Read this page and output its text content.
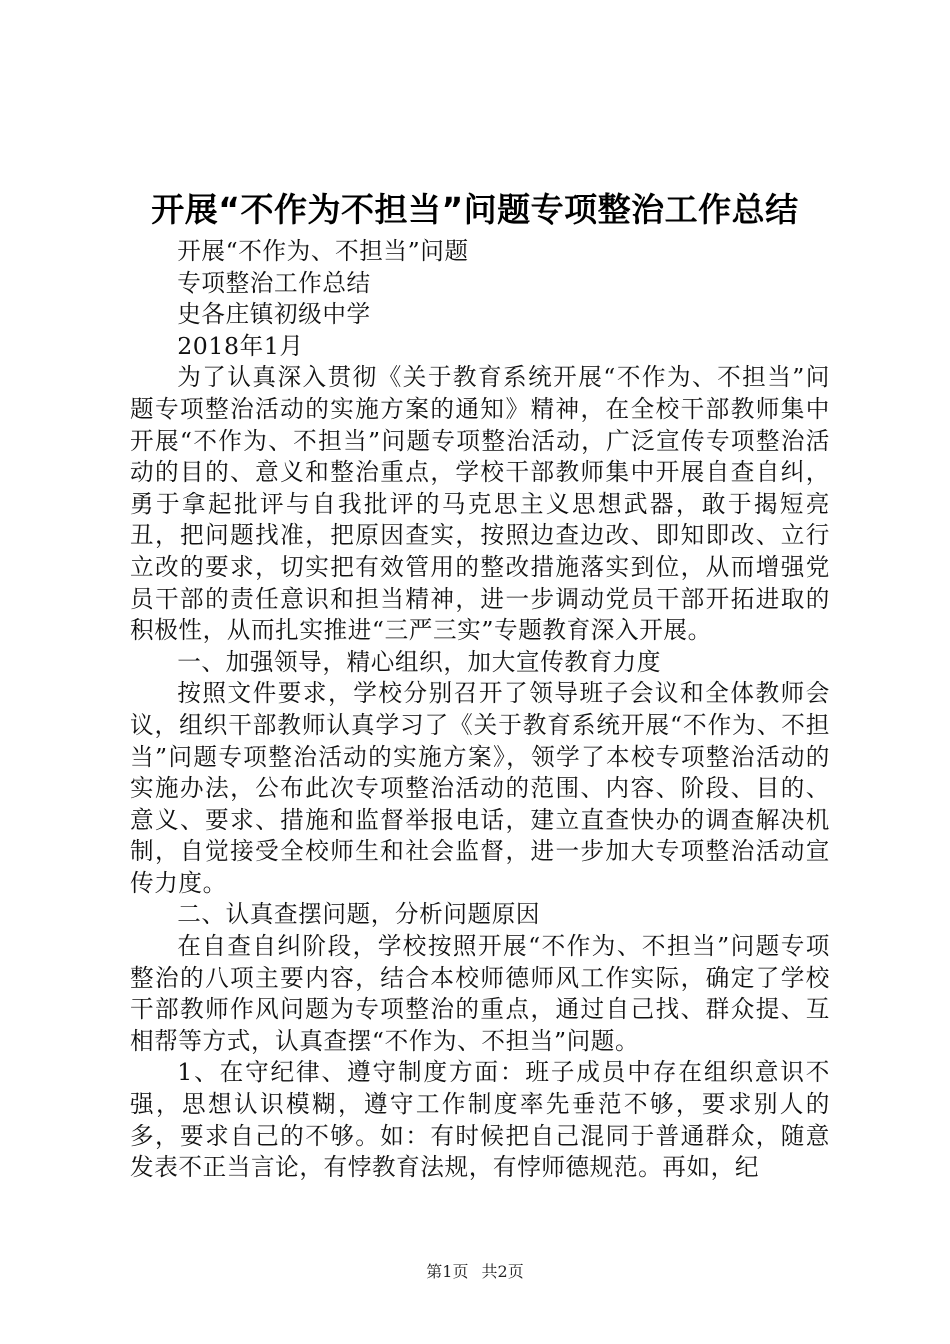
开展“不作为不担当”问题专项整治工作总结

开展“不作为、不担当”问题

专项整治工作总结

史各庄镇初级中学

2018年1月

为了认真深入贯彻《关于教育系统开展“不作为、不担当”问题专项整治活动的实施方案的通知》精神，在全校干部教师集中开展“不作为、不担当”问题专项整治活动，广泛宣传专项整治活动的目的、意义和整治重点，学校干部教师集中开展自查自纠，勇于拿起批评与自我批评的马克思主义思想武器，敢于揭短亮丑，把问题找准，把原因查实，按照边查边改、即知即改、立行立改的要求，切实把有效管用的整改措施落实到位，从而增强党员干部的责任意识和担当精神，进一步调动党员干部开拓进取的积极性，从而扎实推进“三严三实”专题教育深入开展。

一、加强领导，精心组织，加大宣传教育力度

按照文件要求，学校分别召开了领导班子会议和全体教师会议，组织干部教师认真学习了《关于教育系统开展“不作为、不担当”问题专项整治活动的实施方案》，领学了本校专项整治活动的实施办法，公布此次专项整治活动的范围、内容、阶段、目的、意义、要求、措施和监督举报电话，建立直查快办的调查解决机制，自觉接受全校师生和社会监督，进一步加大专项整治活动宣传力度。

二、认真查摆问题，分析问题原因

在自查自纠阶段，学校按照开展“不作为、不担当”问题专项整治的八项主要内容，结合本校师德师风工作实际，确定了学校干部教师作风问题为专项整治的重点，通过自己找、群众提、互相帮等方式，认真查摆“不作为、不担当”问题。

1、在守纪律、遵守制度方面：班子成员中存在组织意识不强，思想认识模糊，遵守工作制度率先垂范不够，要求别人的多，要求自己的不够。如：有时候把自己混同于普通群众，随意发表不正当言论，有悖教育法规，有悖师德规范。再如，纪

第1页 共2页
